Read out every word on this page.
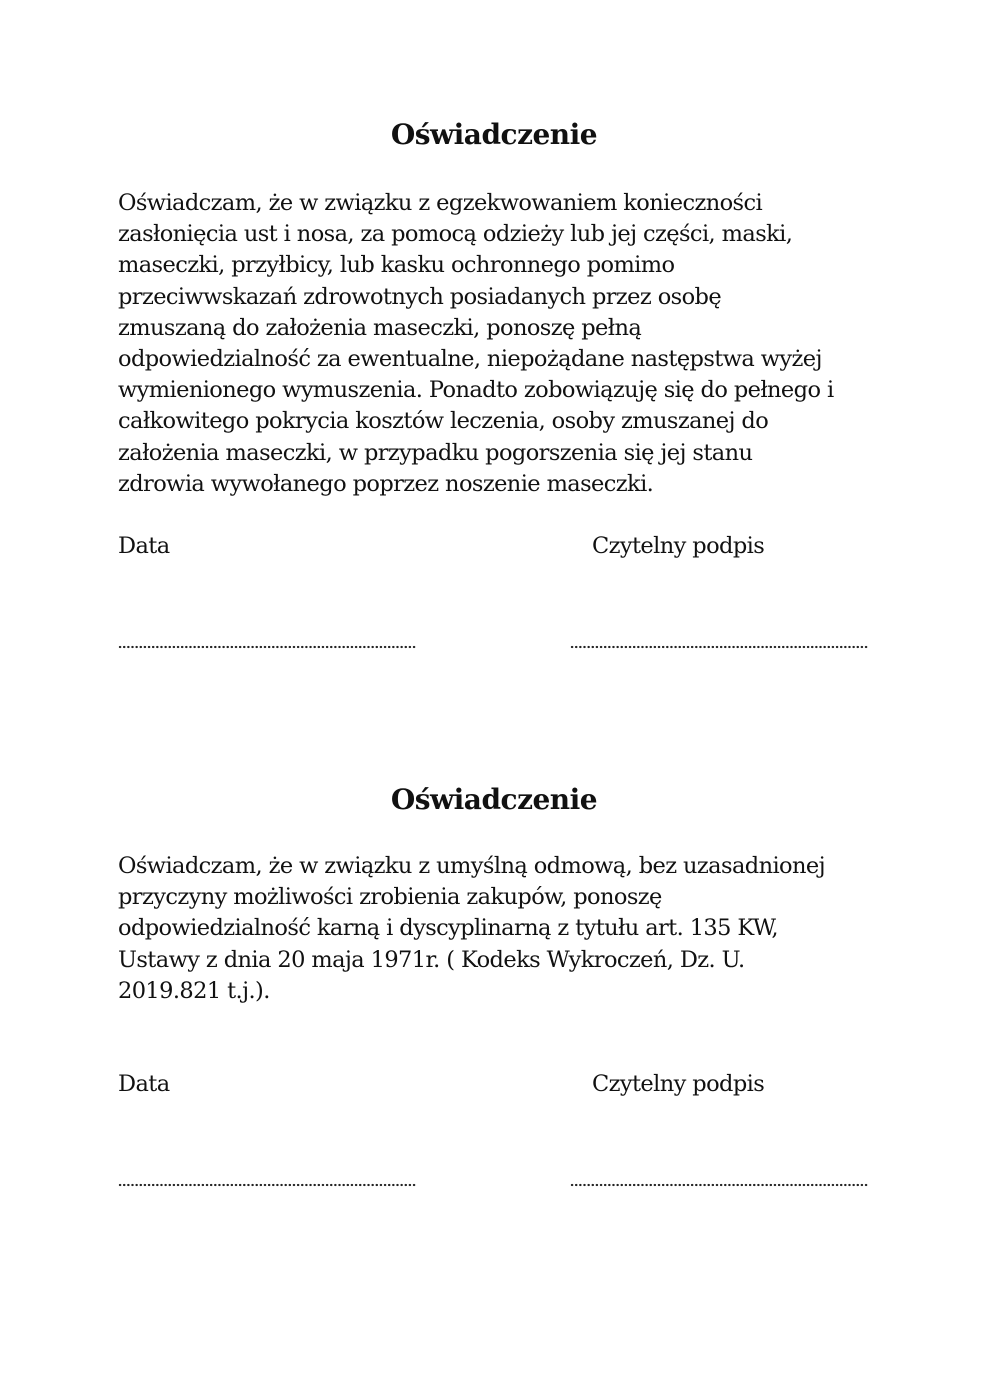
Oświadczenie
Oświadczam, że w związku z egzekwowaniem konieczności
zasłonięcia ust i nosa, za pomocą odzieży lub jej części, maski,
maseczki, przyłbicy, lub kasku ochronnego pomimo
przeciwwskazań zdrowotnych posiadanych przez osobę
zmuszaną do założenia maseczki, ponoszę pełną
odpowiedzialność za ewentualne, niepożądane następstwa wyżej
wymienionego wymuszenia. Ponadto zobowiązuję się do pełnego i
całkowitego pokrycia kosztów leczenia, osoby zmuszanej do
założenia maseczki, w przypadku pogorszenia się jej stanu
zdrowia wywołanego poprzez noszenie maseczki.
Data	Czytelny podpis
Oświadczenie
Oświadczam, że w związku z umyślną odmową, bez uzasadnionej
przyczyny możliwości zrobienia zakupów, ponoszę
odpowiedzialność karną i dyscyplinarną z tytułu art. 135 KW,
Ustawy z dnia 20 maja 1971r. ( Kodeks Wykroczeń, Dz. U.
2019.821 t.j.).
Data	Czytelny podpis
